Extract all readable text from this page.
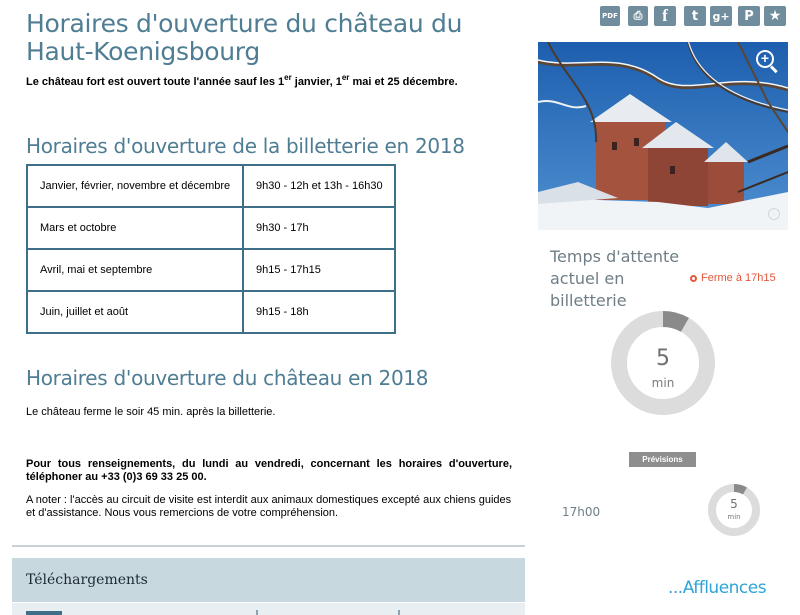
Horaires d'ouverture du château du Haut-Koenigsbourg

Le château fort est ouvert toute l'année sauf les 1er janvier, 1er mai et 25 décembre.

Horaires d'ouverture de la billetterie en 2018
Janvier, février, novembre et décembre	9h30 - 12h et 13h - 16h30
Mars et octobre	9h30 - 17h
Avril, mai et septembre	9h15 - 17h15
Juin, juillet et août	9h15 - 18h
Horaires d'ouverture du château en 2018

Le château ferme le soir 45 min. après la billetterie.

Pour tous renseignements, du lundi au vendredi, concernant les horaires d'ouverture, téléphoner au +33 (0)3 69 33 25 00.

A noter : l'accès au circuit de visite est interdit aux animaux domestiques excepté aux chiens guides et d'assistance. Nous vous remercions de votre compréhension.

Téléchargements
PDF	⎙	f	t	g+	P	★
+
i
Temps d'attente actuel en billetterie
Ferme à 17h15
5
min
Prévisions
17h00
5
min
...Affluences
